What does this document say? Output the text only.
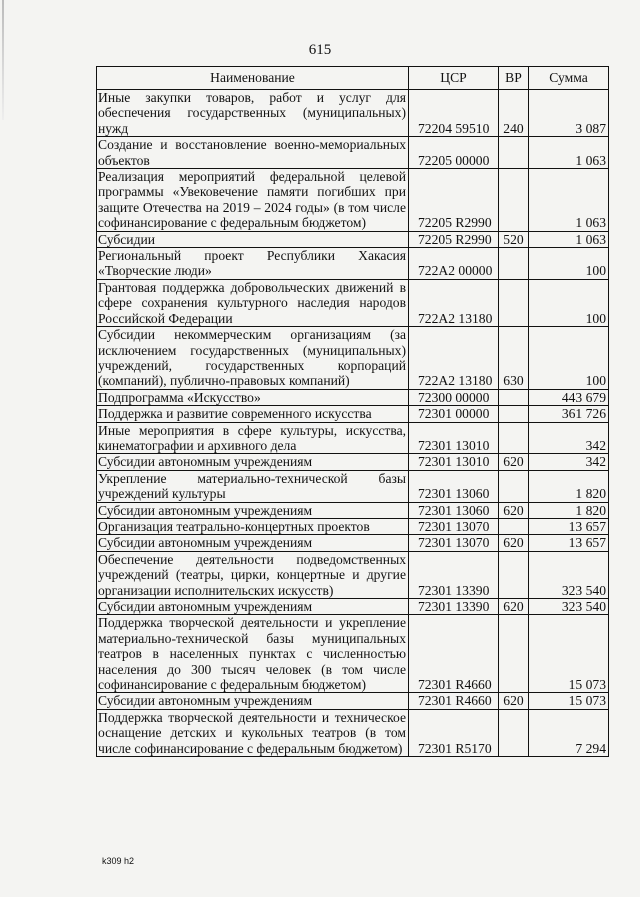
615
Наименование	ЦСР	ВР	Сумма
Иные закупки товаров, работ и услуг для обеспечения государственных (муниципальных) нужд	72204 59510	240	3 087
Создание и восстановление военно-мемориальных объектов	72205 00000		1 063
Реализация мероприятий федеральной целевой программы «Увековечение памяти погибших при защите Отечества на 2019 – 2024 годы» (в том числе софинансирование с федеральным бюджетом)	72205 R2990		1 063
Субсидии	72205 R2990	520	1 063
Региональный проект Республики Хакасия «Творческие люди»	722A2 00000		100
Грантовая поддержка добровольческих движений в сфере сохранения культурного наследия народов Российской Федерации	722A2 13180		100
Субсидии некоммерческим организациям (за исключением государственных (муниципальных) учреждений, государственных корпораций (компаний), публично-правовых компаний)	722A2 13180	630	100
Подпрограмма «Искусство»	72300 00000		443 679
Поддержка и развитие современного искусства	72301 00000		361 726
Иные мероприятия в сфере культуры, искусства, кинематографии и архивного дела	72301 13010		342
Субсидии автономным учреждениям	72301 13010	620	342
Укрепление материально-технической базы учреждений культуры	72301 13060		1 820
Субсидии автономным учреждениям	72301 13060	620	1 820
Организация театрально-концертных проектов	72301 13070		13 657
Субсидии автономным учреждениям	72301 13070	620	13 657
Обеспечение деятельности подведомственных учреждений (театры, цирки, концертные и другие организации исполнительских искусств)	72301 13390		323 540
Субсидии автономным учреждениям	72301 13390	620	323 540
Поддержка творческой деятельности и укрепление материально-технической базы муниципальных театров в населенных пунктах с численностью населения до 300 тысяч человек (в том числе софинансирование с федеральным бюджетом)	72301 R4660		15 073
Субсидии автономным учреждениям	72301 R4660	620	15 073
Поддержка творческой деятельности и техническое оснащение детских и кукольных театров (в том числе софинансирование с федеральным бюджетом)	72301 R5170		7 294
k309 h2
